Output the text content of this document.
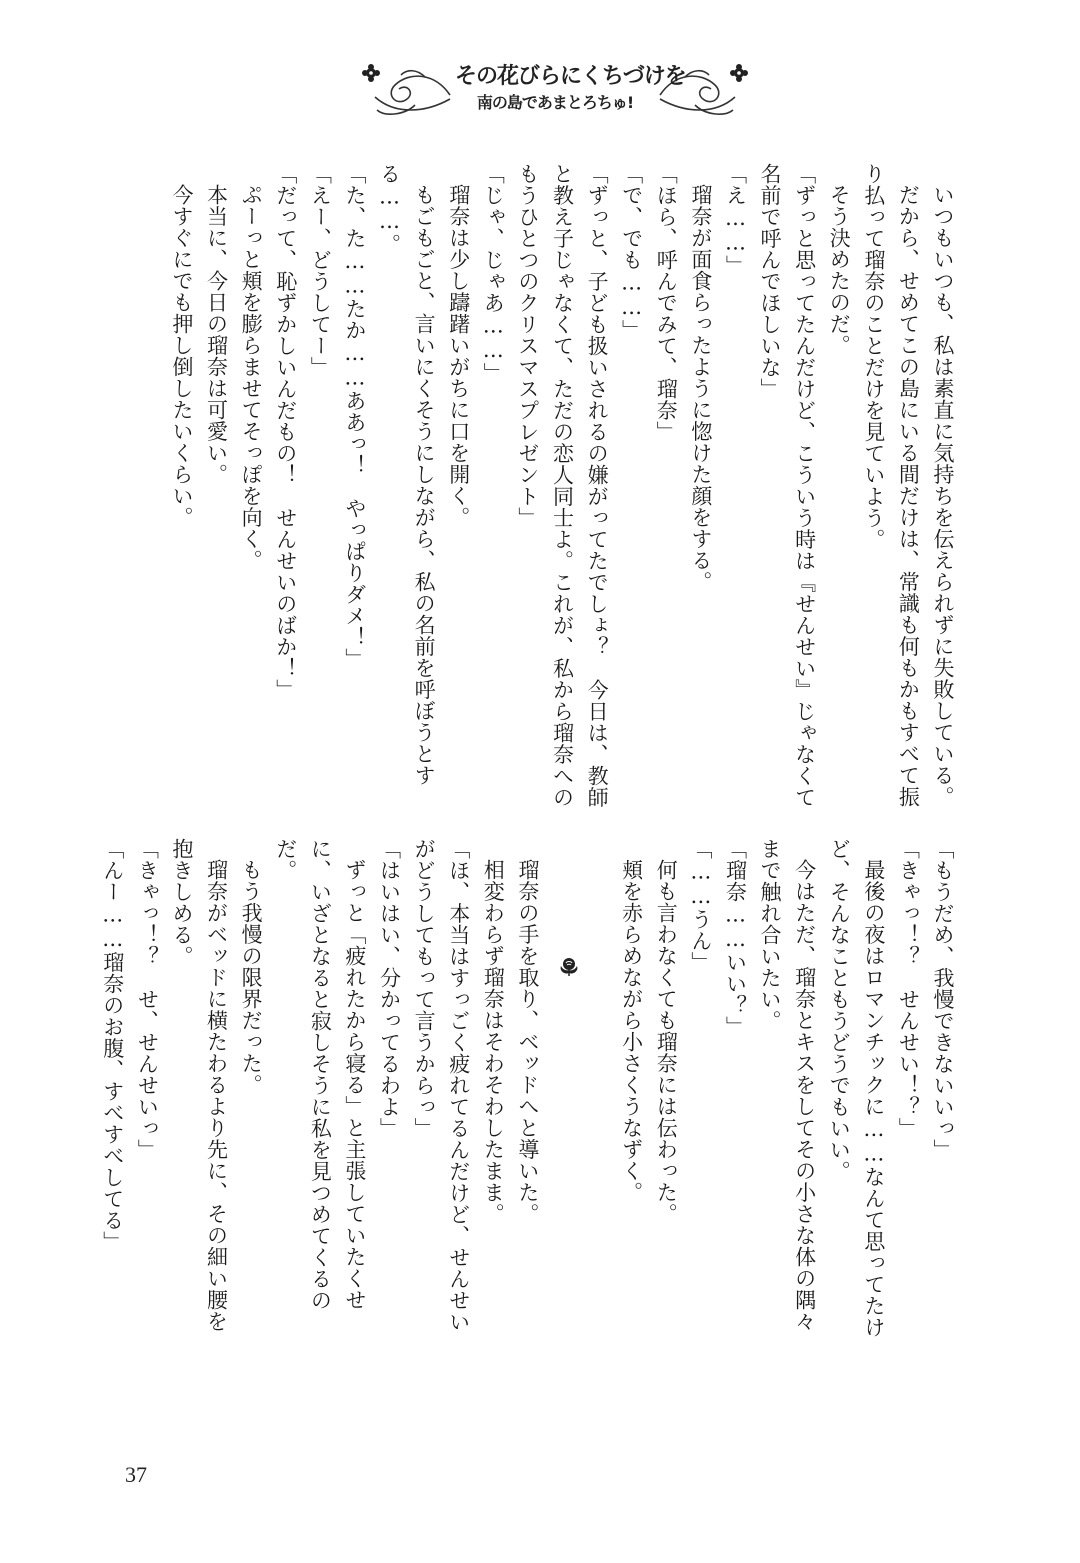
その花びらにくちづけを
南の島であまとろちゅ!

いつもいつも、私は素直に気持ちを伝えられずに失敗している。

だから、せめてこの島にいる間だけは、常識も何もかもすべて振り払って瑠奈のことだけを見ていよう。

そう決めたのだ。

「ずっと思ってたんだけど、こういう時は『せんせい』じゃなくて名前で呼んでほしいな」

「え……」

瑠奈が面食らったように惚けた顔をする。

「ほら、呼んでみて、瑠奈」

「で、でも……」

「ずっと、子ども扱いされるの嫌がってたでしょ？　今日は、教師と教え子じゃなくて、ただの恋人同士よ。これが、私から瑠奈へのもうひとつのクリスマスプレゼント」

「じゃ、じゃあ……」

瑠奈は少し躊躇いがちに口を開く。

もごもごと、言いにくそうにしながら、私の名前を呼ぼうとする……。

「た、た……たか……ああっ！　やっぱりダメ！」

「えー、どうしてー」

「だって、恥ずかしいんだもの！　せんせいのばか！」

ぷーっと頬を膨らませてそっぽを向く。

本当に、今日の瑠奈は可愛い。

今すぐにでも押し倒したいくらい。

「もうだめ、我慢できないいっ」

「きゃっ！？　せんせい！？」

最後の夜はロマンチックに……なんて思ってたけど、そんなこともうどうでもいい。

今はただ、瑠奈とキスをしてその小さな体の隅々まで触れ合いたい。

「瑠奈……いい？」

「……うん」

何も言わなくても瑠奈には伝わった。

頬を赤らめながら小さくうなずく。

瑠奈の手を取り、ベッドへと導いた。

相変わらず瑠奈はそわそわしたまま。

「ほ、本当はすっごく疲れてるんだけど、せんせいがどうしてもって言うからっ」

「はいはい、分かってるわよ」

ずっと「疲れたから寝る」と主張していたくせに、いざとなると寂しそうに私を見つめてくるのだ。

もう我慢の限界だった。

瑠奈がベッドに横たわるより先に、その細い腰を抱きしめる。

「きゃっ！？　せ、せんせいっ」

「んー……瑠奈のお腹、すべすべしてる」

37
